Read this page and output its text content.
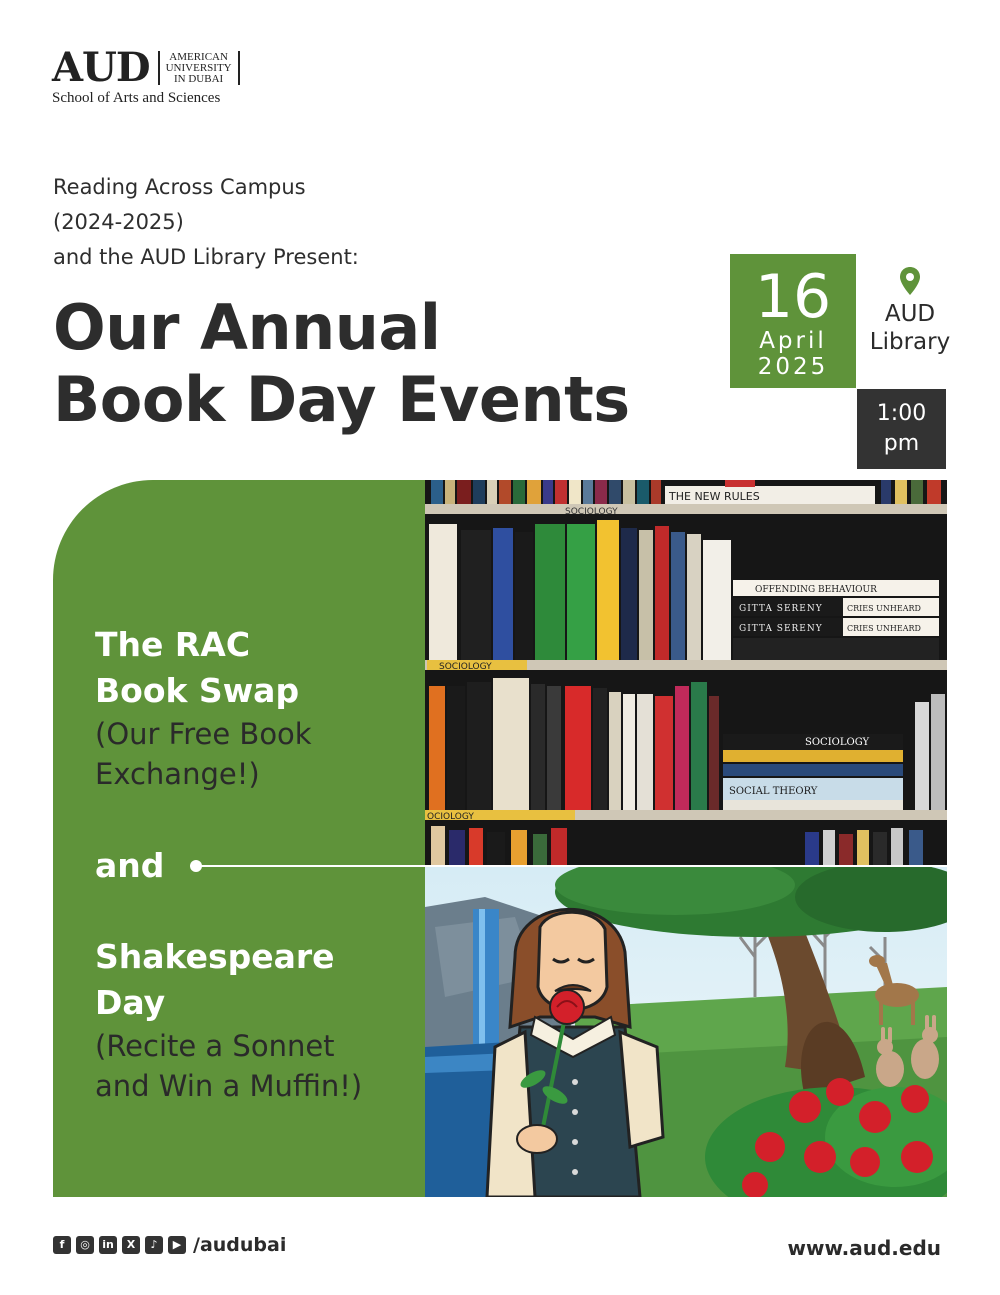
AUD	AMERICAN
UNIVERSITY
IN DUBAI
School of Arts and Sciences
Reading Across Campus
(2024-2025)
and the AUD Library Present:
Our Annual
Book Day Events
16
April
2025
AUD
Library
1:00
pm
The RAC
Book Swap
(Our Free Book
Exchange!)
and
Shakespeare
Day
(Recite a Sonnet
and Win a Muffin!)
THE NEW RULES
SOCIOLOGY
OFFENDING BEHAVIOUR
GITTA SERENY	CRIES UNHEARD
GITTA SERENY	CRIES UNHEARD
SOCIOLOGY
SOCIOLOGY
SOCIAL THEORY
OCIOLOGY
f	◎	in	X	♪	▶ /audubai	www.aud.edu
